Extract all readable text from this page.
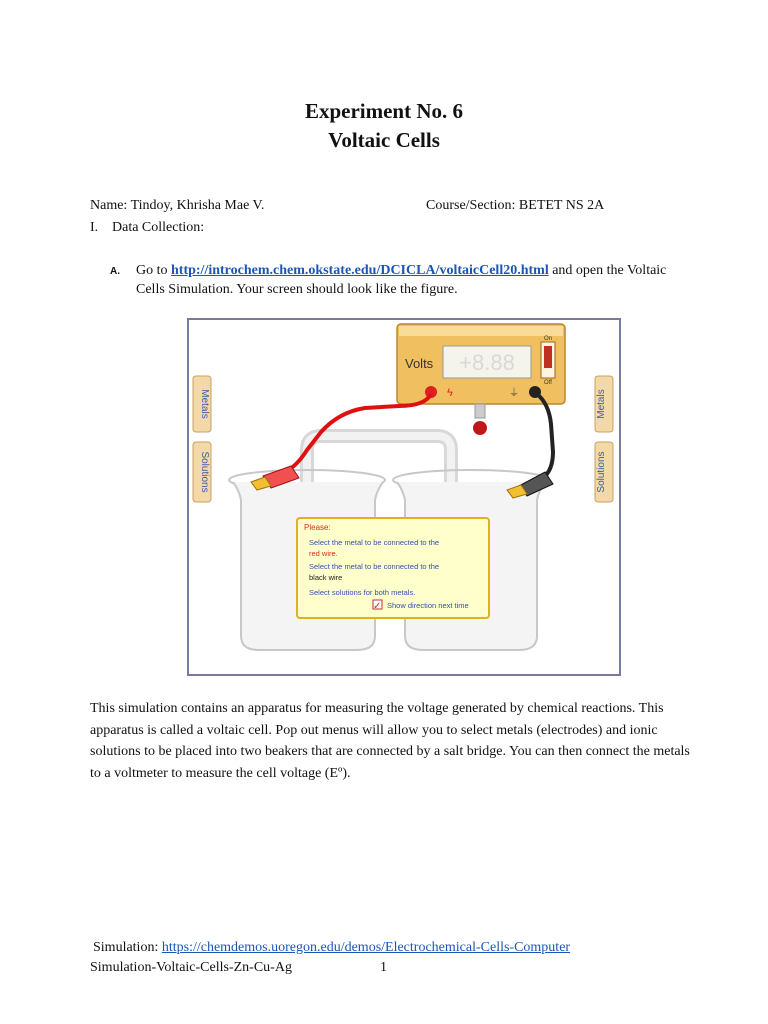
Experiment No. 6
Voltaic Cells
Name: Tindoy, Khrisha Mae V.	Course/Section: BETET NS 2A
I. Data Collection:
A.	Go to http://introchem.chem.okstate.edu/DCICLA/voltaicCell20.html and open the Voltaic Cells Simulation. Your screen should look like the figure.
Metals
Solutions
Metals
Solutions
Volts +8.88
On
Off
ϟ	⏚
Please:
Select the metal to be connected to the
red wire.
Select the metal to be connected to the
black wire
Select solutions for both metals.
✓ Show direction next time
This simulation contains an apparatus for measuring the voltage generated by chemical reactions. This apparatus is called a voltaic cell. Pop out menus will allow you to select metals (electrodes) and ionic solutions to be placed into two beakers that are connected by a salt bridge. You can then connect the metals to a voltmeter to measure the cell voltage (Eº).
Simulation: https://chemdemos.uoregon.edu/demos/Electrochemical-Cells-Computer
Simulation-Voltaic-Cells-Zn-Cu-Ag	1
